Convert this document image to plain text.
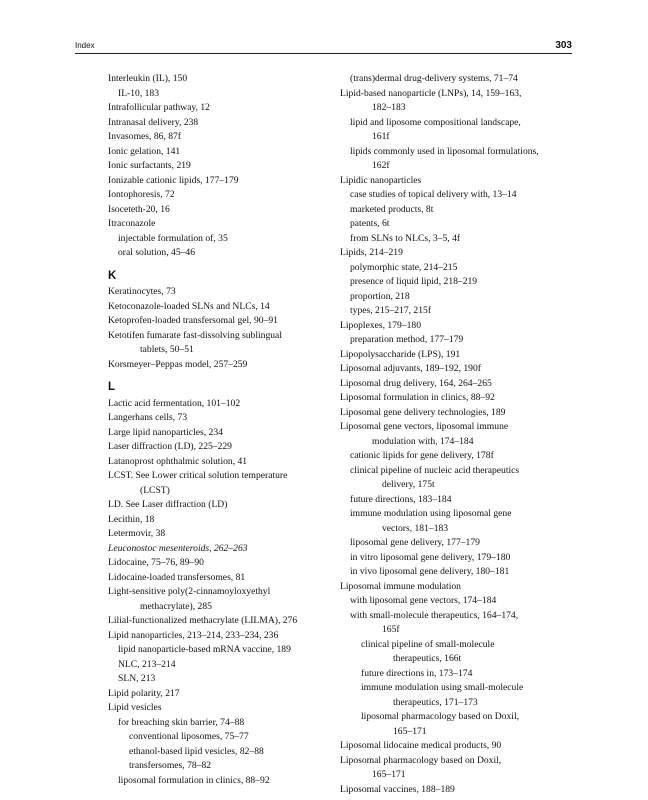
Index	303
Interleukin (IL), 150
IL-10, 183
Intrafollicular pathway, 12
Intranasal delivery, 238
Invasomes, 86, 87f
Ionic gelation, 141
Ionic surfactants, 219
Ionizable cationic lipids, 177–179
Iontophoresis, 72
Isoceteth-20, 16
Itraconazole
injectable formulation of, 35
oral solution, 45–46
K
Keratinocytes, 73
Ketoconazole-loaded SLNs and NLCs, 14
Ketoprofen-loaded transfersomal gel, 90–91
Ketotifen fumarate fast-dissolving sublingual
tablets, 50–51
Korsmeyer–Peppas model, 257–259
L
Lactic acid fermentation, 101–102
Langerhans cells, 73
Large lipid nanoparticles, 234
Laser diffraction (LD), 225–229
Latanoprost ophthalmic solution, 41
LCST. See Lower critical solution temperature
(LCST)
LD. See Laser diffraction (LD)
Lecithin, 18
Letermovir, 38
Leuconostoc mesenteroids, 262–263
Lidocaine, 75–76, 89–90
Lidocaine-loaded transfersomes, 81
Light-sensitive poly(2-cinnamoyloxyethyl
methacrylate), 285
Lilial-functionalized methacrylate (LILMA), 276
Lipid nanoparticles, 213–214, 233–234, 236
lipid nanoparticle-based mRNA vaccine, 189
NLC, 213–214
SLN, 213
Lipid polarity, 217
Lipid vesicles
for breaching skin barrier, 74–88
conventional liposomes, 75–77
ethanol-based lipid vesicles, 82–88
transfersomes, 78–82
liposomal formulation in clinics, 88–92
(trans)dermal drug-delivery systems, 71–74
Lipid-based nanoparticle (LNPs), 14, 159–163,
182–183
lipid and liposome compositional landscape,
161f
lipids commonly used in liposomal formulations,
162f
Lipidic nanoparticles
case studies of topical delivery with, 13–14
marketed products, 8t
patents, 6t
from SLNs to NLCs, 3–5, 4f
Lipids, 214–219
polymorphic state, 214–215
presence of liquid lipid, 218–219
proportion, 218
types, 215–217, 215f
Lipoplexes, 179–180
preparation method, 177–179
Lipopolysaccharide (LPS), 191
Liposomal adjuvants, 189–192, 190f
Liposomal drug delivery, 164, 264–265
Liposomal formulation in clinics, 88–92
Liposomal gene delivery technologies, 189
Liposomal gene vectors, liposomal immune
modulation with, 174–184
cationic lipids for gene delivery, 178f
clinical pipeline of nucleic acid therapeutics
delivery, 175t
future directions, 183–184
immune modulation using liposomal gene
vectors, 181–183
liposomal gene delivery, 177–179
in vitro liposomal gene delivery, 179–180
in vivo liposomal gene delivery, 180–181
Liposomal immune modulation
with liposomal gene vectors, 174–184
with small-molecule therapeutics, 164–174,
165f
clinical pipeline of small-molecule
therapeutics, 166t
future directions in, 173–174
immune modulation using small-molecule
therapeutics, 171–173
liposomal pharmacology based on Doxil,
165–171
Liposomal lidocaine medical products, 90
Liposomal pharmacology based on Doxil,
165–171
Liposomal vaccines, 188–189
